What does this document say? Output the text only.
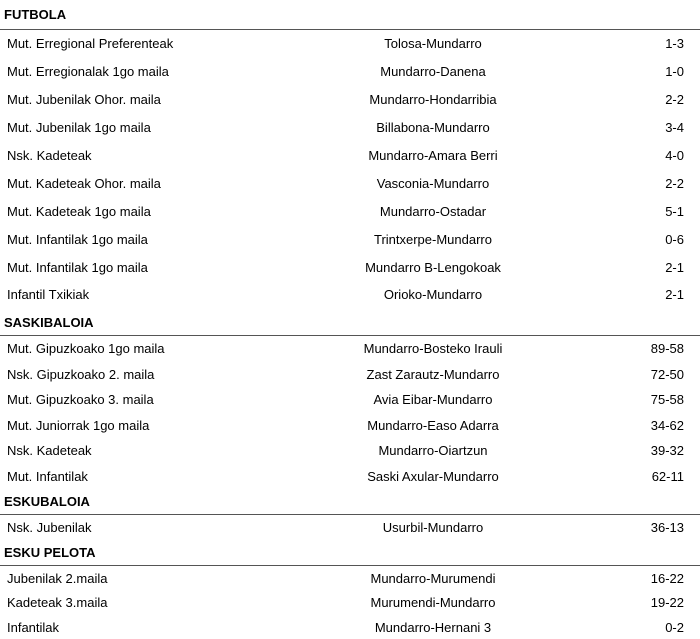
FUTBOLA
Mut. Erregional Preferenteak	Tolosa-Mundarro	1-3
Mut. Erregionalak 1go maila	Mundarro-Danena	1-0
Mut. Jubenilak Ohor. maila	Mundarro-Hondarribia	2-2
Mut. Jubenilak 1go maila	Billabona-Mundarro	3-4
Nsk. Kadeteak	Mundarro-Amara Berri	4-0
Mut. Kadeteak Ohor. maila	Vasconia-Mundarro	2-2
Mut. Kadeteak 1go maila	Mundarro-Ostadar	5-1
Mut. Infantilak 1go maila	Trintxerpe-Mundarro	0-6
Mut. Infantilak 1go maila	Mundarro B-Lengokoak	2-1
Infantil Txikiak	Orioko-Mundarro	2-1
SASKIBALOIA
Mut. Gipuzkoako 1go maila	Mundarro-Bosteko Irauli	89-58
Nsk. Gipuzkoako 2. maila	Zast Zarautz-Mundarro	72-50
Mut. Gipuzkoako 3. maila	Avia Eibar-Mundarro	75-58
Mut. Juniorrak 1go maila	Mundarro-Easo Adarra	34-62
Nsk. Kadeteak	Mundarro-Oiartzun	39-32
Mut. Infantilak	Saski Axular-Mundarro	62-11
ESKUBALOIA
Nsk. Jubenilak	Usurbil-Mundarro	36-13
ESKU PELOTA
Jubenilak 2.maila	Mundarro-Murumendi	16-22
Kadeteak 3.maila	Murumendi-Mundarro	19-22
Infantilak	Mundarro-Hernani 3	0-2
